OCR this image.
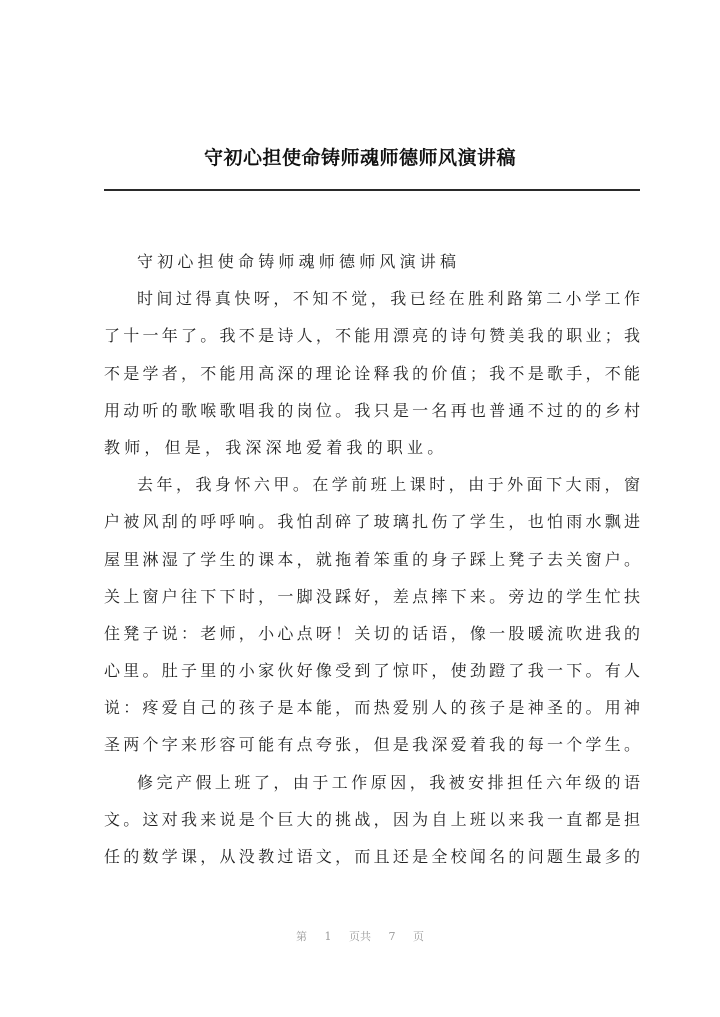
守初心担使命铸师魂师德师风演讲稿
守初心担使命铸师魂师德师风演讲稿
时间过得真快呀，不知不觉，我已经在胜利路第二小学工作
了十一年了。我不是诗人，不能用漂亮的诗句赞美我的职业；我
不是学者，不能用高深的理论诠释我的价值；我不是歌手，不能
用动听的歌喉歌唱我的岗位。我只是一名再也普通不过的的乡村
教师，但是，我深深地爱着我的职业。
去年，我身怀六甲。在学前班上课时，由于外面下大雨，窗
户被风刮的呼呼响。我怕刮碎了玻璃扎伤了学生，也怕雨水飘进
屋里淋湿了学生的课本，就拖着笨重的身子踩上凳子去关窗户。
关上窗户往下下时，一脚没踩好，差点摔下来。旁边的学生忙扶
住凳子说：老师，小心点呀！关切的话语，像一股暖流吹进我的
心里。肚子里的小家伙好像受到了惊吓，使劲蹬了我一下。有人
说：疼爱自己的孩子是本能，而热爱别人的孩子是神圣的。用神
圣两个字来形容可能有点夸张，但是我深爱着我的每一个学生。
修完产假上班了，由于工作原因，我被安排担任六年级的语
文。这对我来说是个巨大的挑战，因为自上班以来我一直都是担
任的数学课，从没教过语文，而且还是全校闻名的问题生最多的
第 1 页共 7 页
